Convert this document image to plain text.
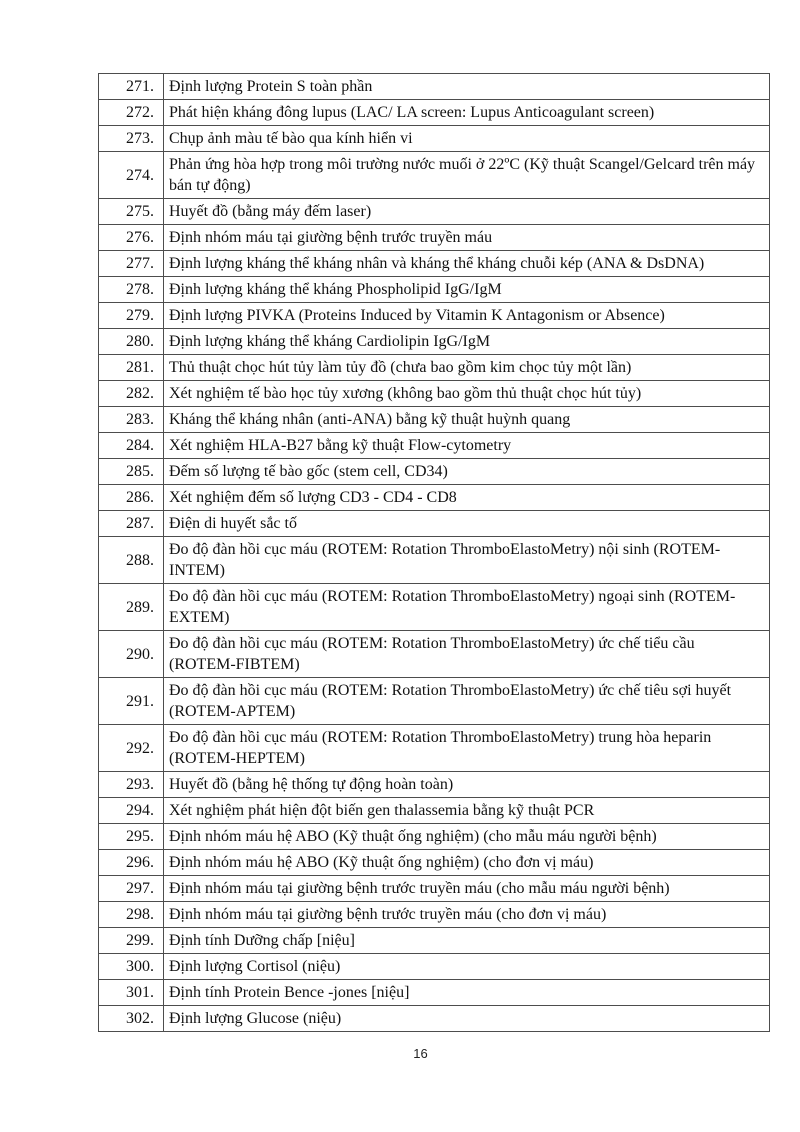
271.	Định lượng Protein S toàn phần
272.	Phát hiện kháng đông lupus (LAC/ LA screen: Lupus Anticoagulant screen)
273.	Chụp ảnh màu tế bào qua kính hiển vi
274.	Phản ứng hòa hợp trong môi trường nước muối ở 22ºC (Kỹ thuật Scangel/Gelcard trên máy bán tự động)
275.	Huyết đồ (bằng máy đếm laser)
276.	Định nhóm máu tại giường bệnh trước truyền máu
277.	Định lượng kháng thể kháng nhân và kháng thể kháng chuỗi kép (ANA & DsDNA)
278.	Định lượng kháng thể kháng Phospholipid IgG/IgM
279.	Định lượng PIVKA (Proteins Induced by Vitamin K Antagonism or Absence)
280.	Định lượng kháng thể kháng Cardiolipin IgG/IgM
281.	Thủ thuật chọc hút tủy làm tủy đồ (chưa bao gồm kim chọc tủy một lần)
282.	Xét nghiệm tế bào học tủy xương (không bao gồm thủ thuật chọc hút tủy)
283.	Kháng thể kháng nhân (anti-ANA) bằng kỹ thuật huỳnh quang
284.	Xét nghiệm HLA-B27 bằng kỹ thuật Flow-cytometry
285.	Đếm số lượng tế bào gốc (stem cell, CD34)
286.	Xét nghiệm đếm số lượng CD3 - CD4 - CD8
287.	Điện di huyết sắc tố
288.	Đo độ đàn hồi cục máu (ROTEM: Rotation ThromboElastoMetry) nội sinh (ROTEM-INTEM)
289.	Đo độ đàn hồi cục máu (ROTEM: Rotation ThromboElastoMetry) ngoại sinh (ROTEM-EXTEM)
290.	Đo độ đàn hồi cục máu (ROTEM: Rotation ThromboElastoMetry) ức chế tiểu cầu (ROTEM-FIBTEM)
291.	Đo độ đàn hồi cục máu (ROTEM: Rotation ThromboElastoMetry) ức chế tiêu sợi huyết (ROTEM-APTEM)
292.	Đo độ đàn hồi cục máu (ROTEM: Rotation ThromboElastoMetry) trung hòa heparin (ROTEM-HEPTEM)
293.	Huyết đồ (bằng hệ thống tự động hoàn toàn)
294.	Xét nghiệm phát hiện đột biến gen thalassemia bằng kỹ thuật PCR
295.	Định nhóm máu hệ ABO (Kỹ thuật ống nghiệm) (cho mẫu máu người bệnh)
296.	Định nhóm máu hệ ABO (Kỹ thuật ống nghiệm) (cho đơn vị máu)
297.	Định nhóm máu tại giường bệnh trước truyền máu (cho mẫu máu người bệnh)
298.	Định nhóm máu tại giường bệnh trước truyền máu (cho đơn vị máu)
299.	Định tính Dưỡng chấp [niệu]
300.	Định lượng Cortisol (niệu)
301.	Định tính Protein Bence -jones [niệu]
302.	Định lượng Glucose (niệu)
16
